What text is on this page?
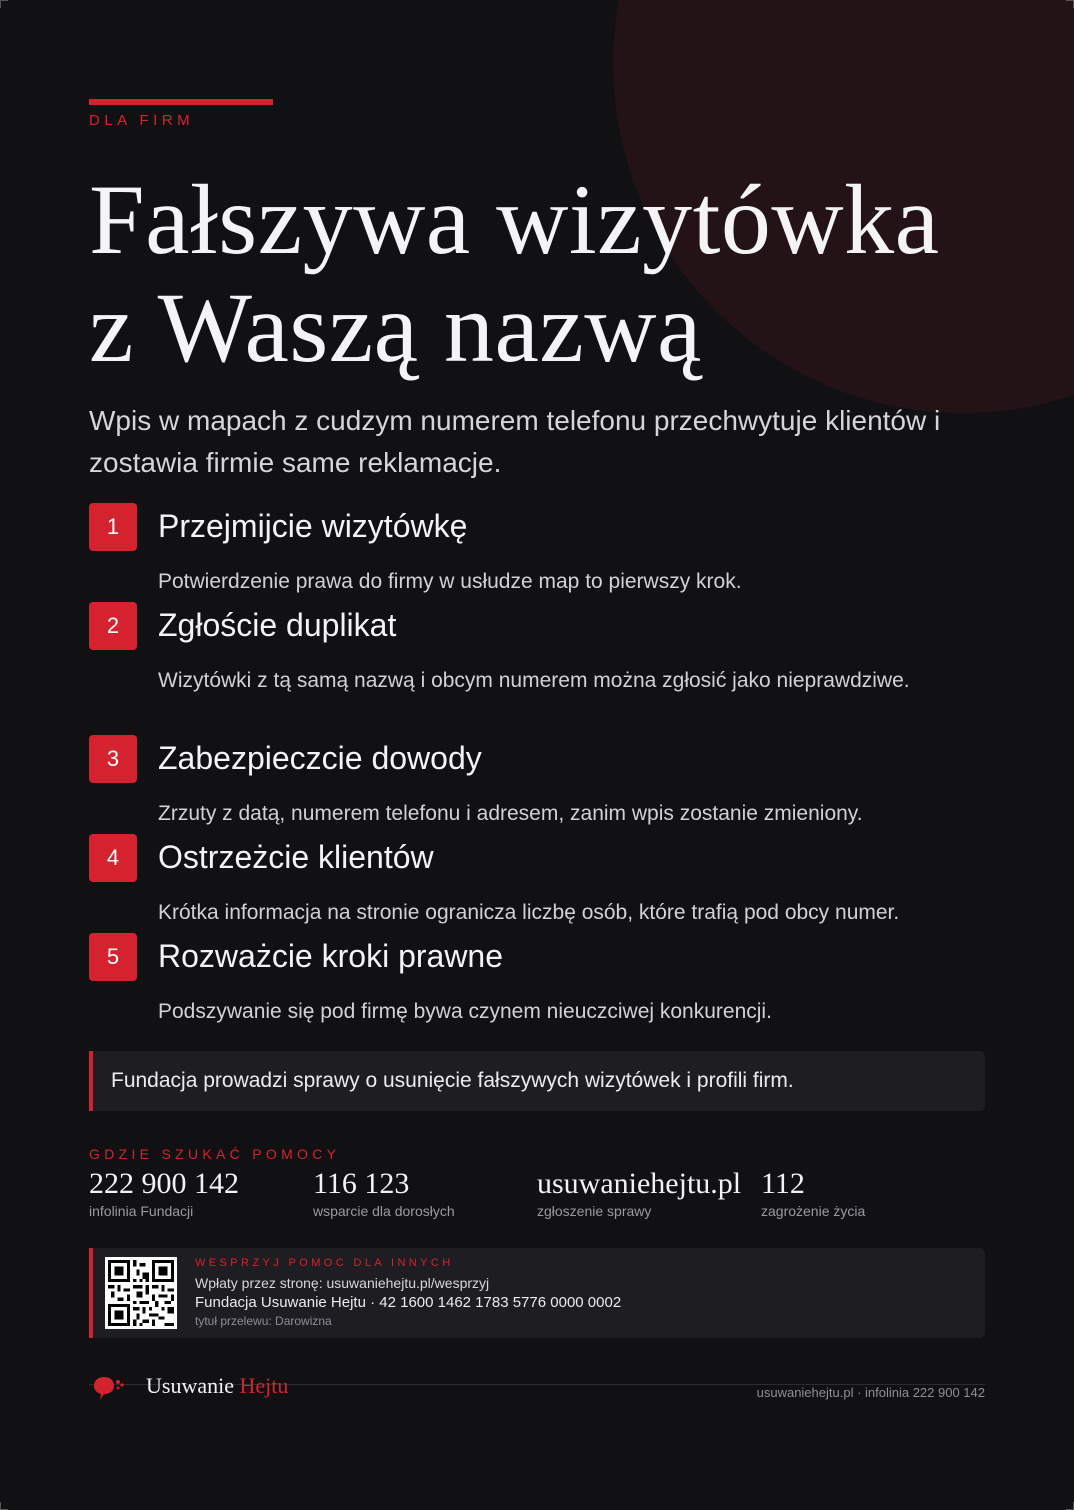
DLA FIRM
Fałszywa wizytówka
z Waszą nazwą

Wpis w mapach z cudzym numerem telefonu przechwytuje klientów i zostawia firmie same reklamacje.

1	Przejmijcie wizytówkę
Potwierdzenie prawa do firmy w usłudze map to pierwszy krok.
2	Zgłoście duplikat
Wizytówki z tą samą nazwą i obcym numerem można zgłosić jako nieprawdziwe.
3	Zabezpieczcie dowody
Zrzuty z datą, numerem telefonu i adresem, zanim wpis zostanie zmieniony.
4	Ostrzeżcie klientów
Krótka informacja na stronie ogranicza liczbę osób, które trafią pod obcy numer.
5	Rozważcie kroki prawne
Podszywanie się pod firmę bywa czynem nieuczciwej konkurencji.
Fundacja prowadzi sprawy o usunięcie fałszywych wizytówek i profili firm.
GDZIE SZUKAĆ POMOCY
222 900 142
infolinia Fundacji
116 123
wsparcie dla dorosłych
usuwaniehejtu.pl
zgłoszenie sprawy
112
zagrożenie życia
WESPRZYJ POMOC DLA INNYCH
Wpłaty przez stronę: usuwaniehejtu.pl/wesprzyj
Fundacja Usuwanie Hejtu · 42 1600 1462 1783 5776 0000 0002
tytuł przelewu: Darowizna
Usuwanie Hejtu	usuwaniehejtu.pl · infolinia 222 900 142
